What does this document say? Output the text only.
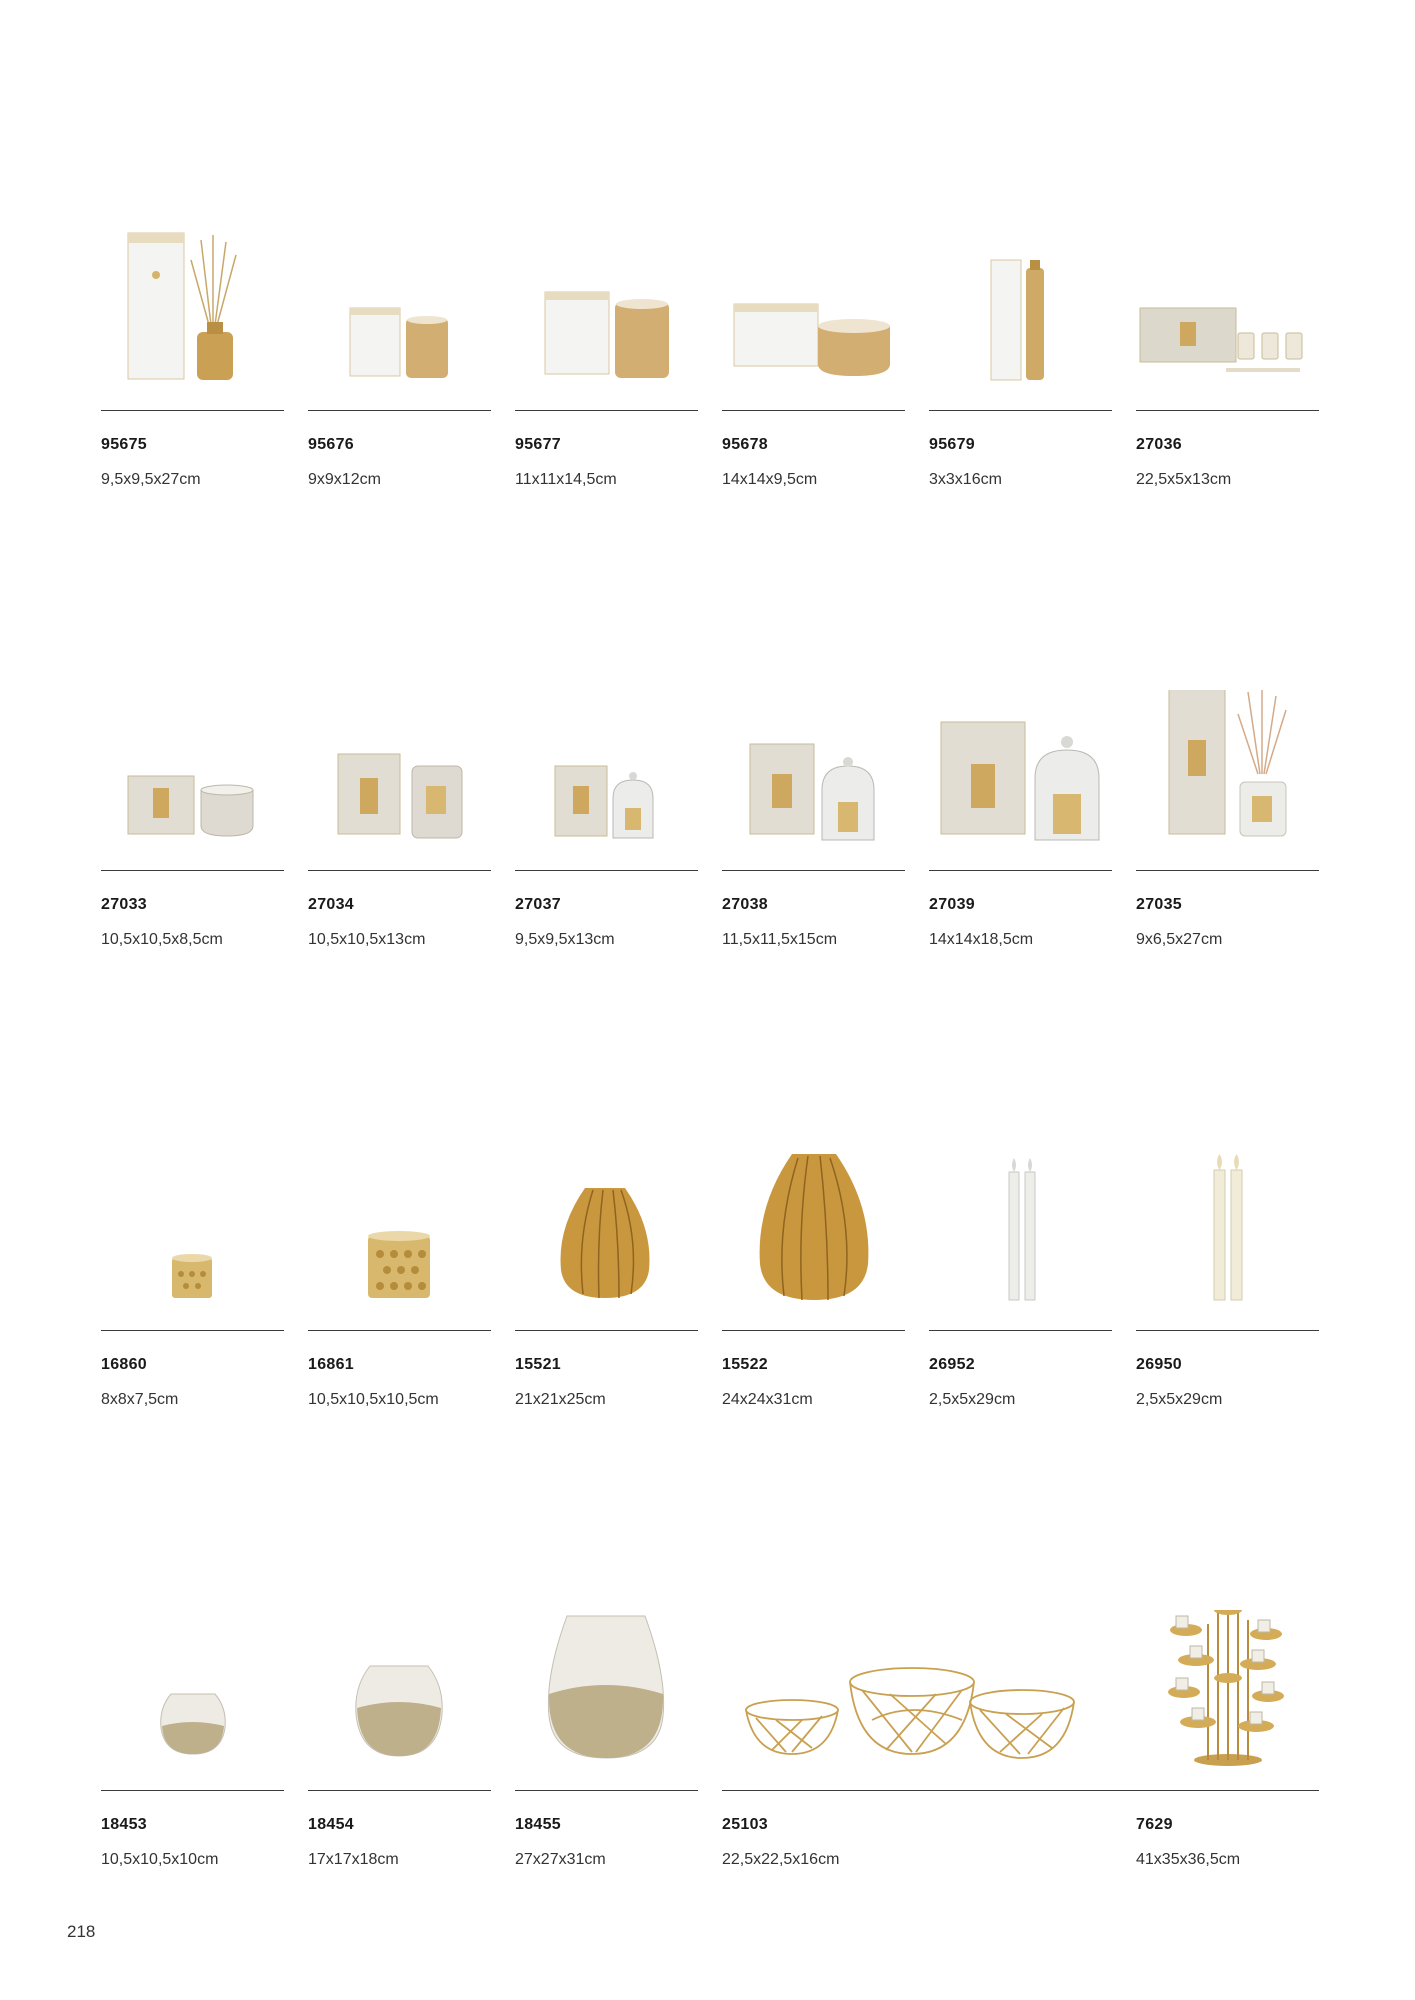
95675
9,5x9,5x27cm
95676
9x9x12cm
95677
11x11x14,5cm
95678
14x14x9,5cm
95679
3x3x16cm
27036
22,5x5x13cm
27033
10,5x10,5x8,5cm
27034
10,5x10,5x13cm
27037
9,5x9,5x13cm
27038
11,5x11,5x15cm
27039
14x14x18,5cm
27035
9x6,5x27cm
16860
8x8x7,5cm
16861
10,5x10,5x10,5cm
15521
21x21x25cm
15522
24x24x31cm
26952
2,5x5x29cm
26950
2,5x5x29cm
18453
10,5x10,5x10cm
18454
17x17x18cm
18455
27x27x31cm
25103
22,5x22,5x16cm
7629
41x35x36,5cm
218
